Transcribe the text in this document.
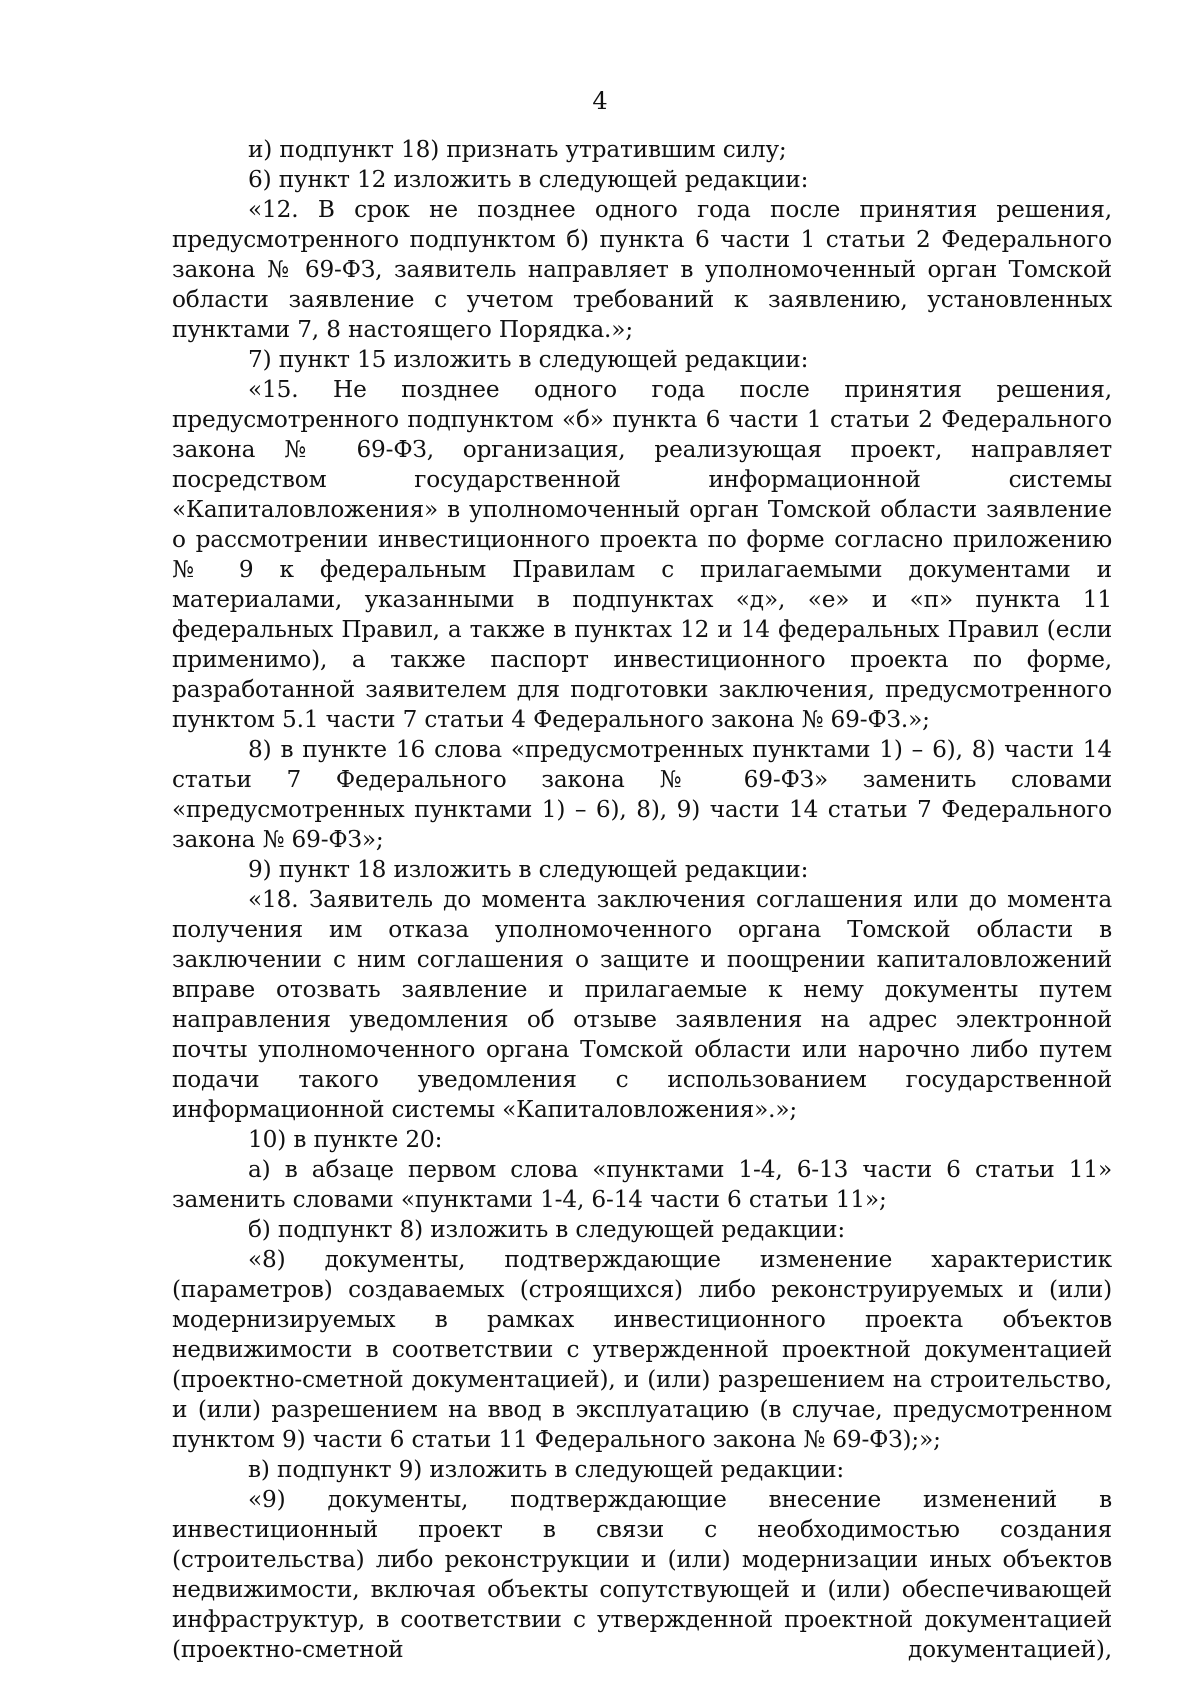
4

и) подпункт 18) признать утратившим силу;

6) пункт 12 изложить в следующей редакции:

«12. В срок не позднее одного года после принятия решения, предусмотренного подпунктом б) пункта 6 части 1 статьи 2 Федерального закона № 69-ФЗ, заявитель направляет в уполномоченный орган Томской области заявление с учетом требований к заявлению, установленных пунктами 7, 8 настоящего Порядка.»;

7) пункт 15 изложить в следующей редакции:

«15. Не позднее одного года после принятия решения, предусмотренного подпунктом «б» пункта 6 части 1 статьи 2 Федерального закона № 69-ФЗ, организация, реализующая проект, направляет посредством государственной информационной системы «Капиталовложения» в уполномоченный орган Томской области заявление о рассмотрении инвестиционного проекта по форме согласно приложению № 9 к федеральным Правилам с прилагаемыми документами и материалами, указанными в подпунктах «д», «е» и «п» пункта 11 федеральных Правил, а также в пунктах 12 и 14 федеральных Правил (если применимо), а также паспорт инвестиционного проекта по форме, разработанной заявителем для подготовки заключения, предусмотренного пунктом 5.1 части 7 статьи 4 Федерального закона № 69-ФЗ.»;

8) в пункте 16 слова «предусмотренных пунктами 1) – 6), 8) части 14 статьи 7 Федерального закона № 69-ФЗ» заменить словами «предусмотренных пунктами 1) – 6), 8), 9) части 14 статьи 7 Федерального закона № 69-ФЗ»;

9) пункт 18 изложить в следующей редакции:

«18. Заявитель до момента заключения соглашения или до момента получения им отказа уполномоченного органа Томской области в заключении с ним соглашения о защите и поощрении капиталовложений вправе отозвать заявление и прилагаемые к нему документы путем направления уведомления об отзыве заявления на адрес электронной почты уполномоченного органа Томской области или нарочно либо путем подачи такого уведомления с использованием государственной информационной системы «Капиталовложения».»;

10) в пункте 20:

а) в абзаце первом слова «пунктами 1-4, 6-13 части 6 статьи 11» заменить словами «пунктами 1-4, 6-14 части 6 статьи 11»;

б) подпункт 8) изложить в следующей редакции:

«8) документы, подтверждающие изменение характеристик (параметров) создаваемых (строящихся) либо реконструируемых и (или) модернизируемых в рамках инвестиционного проекта объектов недвижимости в соответствии с утвержденной проектной документацией (проектно-сметной документацией), и (или) разрешением на строительство, и (или) разрешением на ввод в эксплуатацию (в случае, предусмотренном пунктом 9) части 6 статьи 11 Федерального закона № 69-ФЗ);»;

в) подпункт 9) изложить в следующей редакции:

«9) документы, подтверждающие внесение изменений в инвестиционный проект в связи с необходимостью создания (строительства) либо реконструкции и (или) модернизации иных объектов недвижимости, включая объекты сопутствующей и (или) обеспечивающей инфраструктур, в соответствии с утвержденной проектной документацией (проектно-сметной документацией),
